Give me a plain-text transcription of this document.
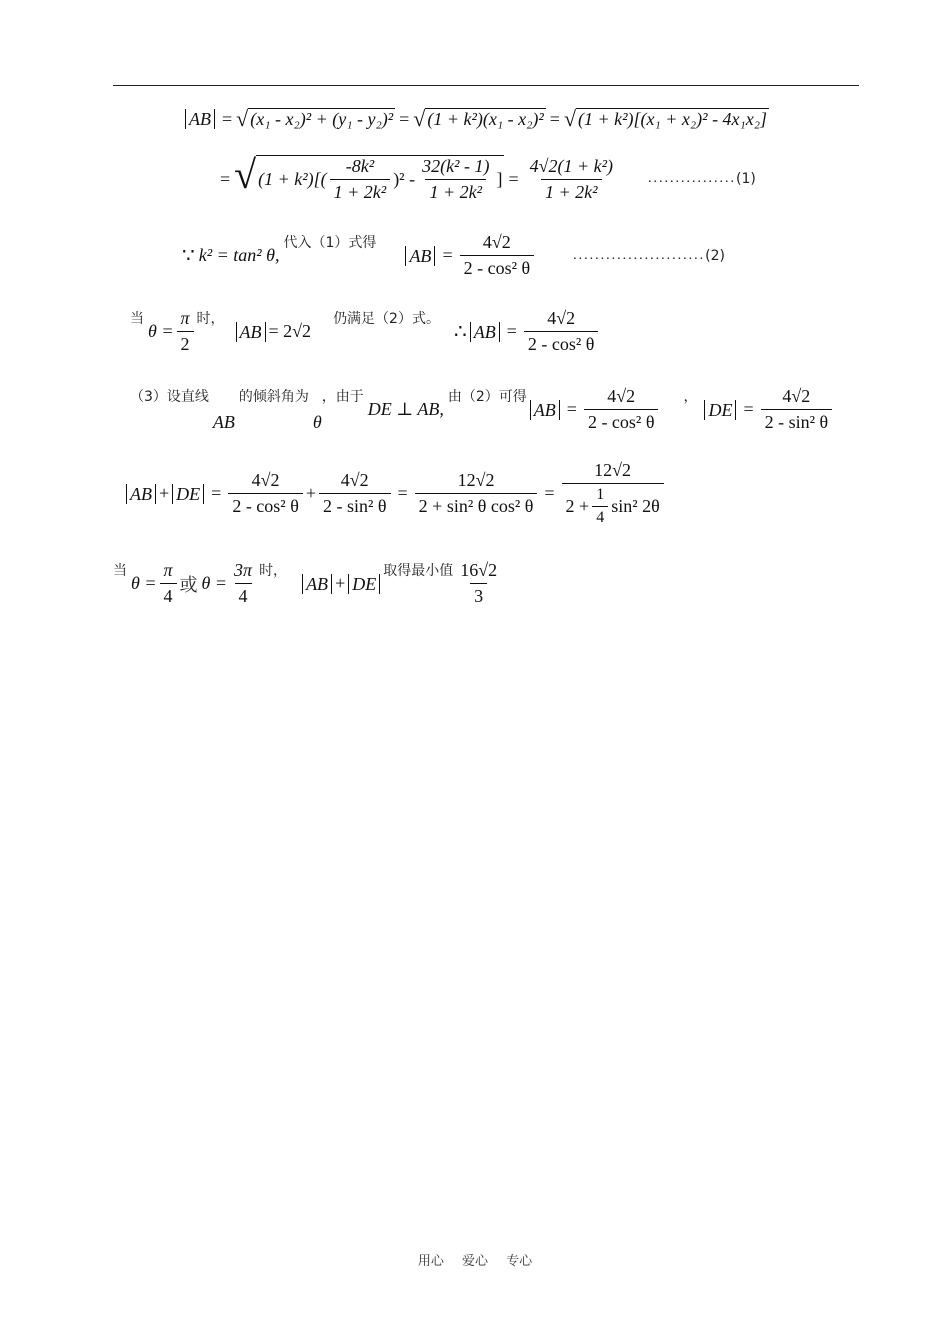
AB = √ (x₁ - x₂)² + (y₁ - y₂)² = √ (1 + k²)(x₁ - x₂)² = √ (1 + k²)[(x₁ + x₂)² - 4x₁x₂]
= √ $(1 + k^2)[( \frac{\text{-8k²}}{\text{1 + 2k²}} )^2 - \frac{\text{32(k² - 1)}}{\text{1 + 2k²}}$ ] = $\frac{\text{4√2(1 + k²)}}{\text{1 + 2k²}}$ ................ (1)
∵ k² = tan² θ,
代入（1）式得
AB = $\frac{4√2}{\text{2 - cos² θ}}$	........................ (2)
当
$\theta = \frac{\pi}{2}$ 时，
AB = 2√2
仍满足（2）式。
∴ AB = $\frac{4√2}{\text{2 - cos² θ}}$
（3）设直线
AB
的倾斜角为
θ
，由于
DE ⊥ AB,
由（2）可得
AB = $\frac{4√2}{\text{2 - cos² θ}}$ ，
DE = $\frac{4√2}{\text{2 - sin² θ}}$
AB + DE = $\frac{4√2}{\text{2 - cos² θ}} + \frac{4√2}{\text{2 - sin² θ}} = \frac{12√2}{\text{2 + sin² θ cos² θ}} = \frac{12√2}{2 + \frac{1}{4} \sin^2 2\theta}$
当
$\theta = \frac{\pi}{4}$ 或 $\theta = \frac{3\pi}{4}$ 时，
AB + DE
取得最小值 $\frac{16√2}{3}$
用心 爱心 专心
